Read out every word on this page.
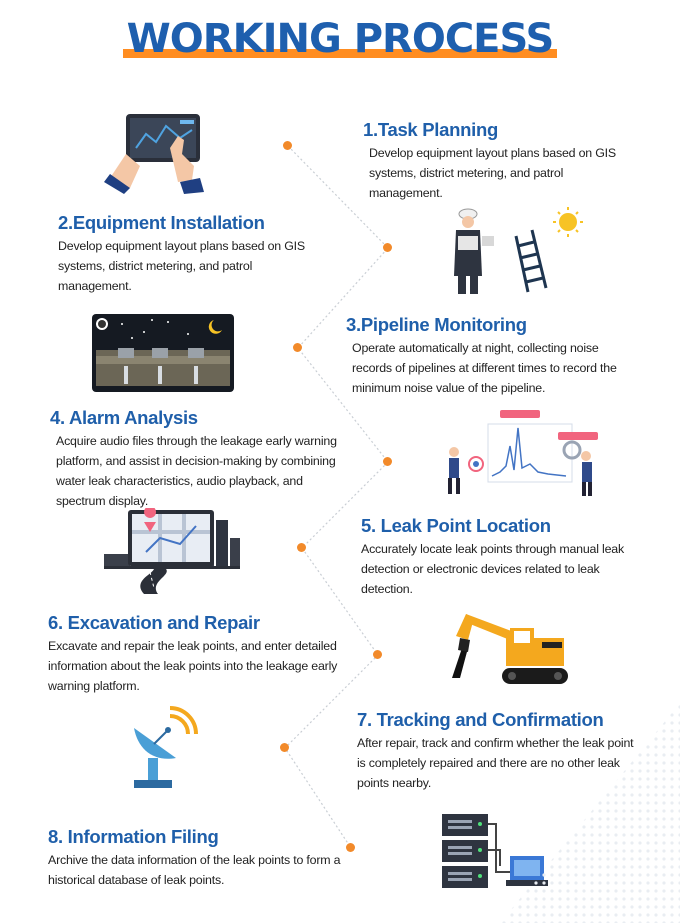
WORKING PROCESS
1.Task Planning

Develop equipment layout plans based on GIS systems, district metering, and patrol management.

2.Equipment Installation

Develop equipment layout plans based on GIS systems, district metering, and patrol management.

3.Pipeline Monitoring

Operate automatically at night, collecting noise records of pipelines at different times to record the minimum noise value of the pipeline.

4. Alarm Analysis

Acquire audio files through the leakage early warning platform, and assist in decision-making by combining water leak characteristics, audio playback, and spectrum display.

5. Leak Point Location

Accurately locate leak points through manual leak detection or electronic devices related to leak detection.

6. Excavation and Repair

Excavate and repair the leak points, and enter detailed information about the leak points into the leakage early warning platform.

7. Tracking and Confirmation

After repair, track and confirm whether the leak point is completely repaired and there are no other leak points nearby.

8. Information Filing

Archive the data information of the leak points to form a historical database of leak points.
